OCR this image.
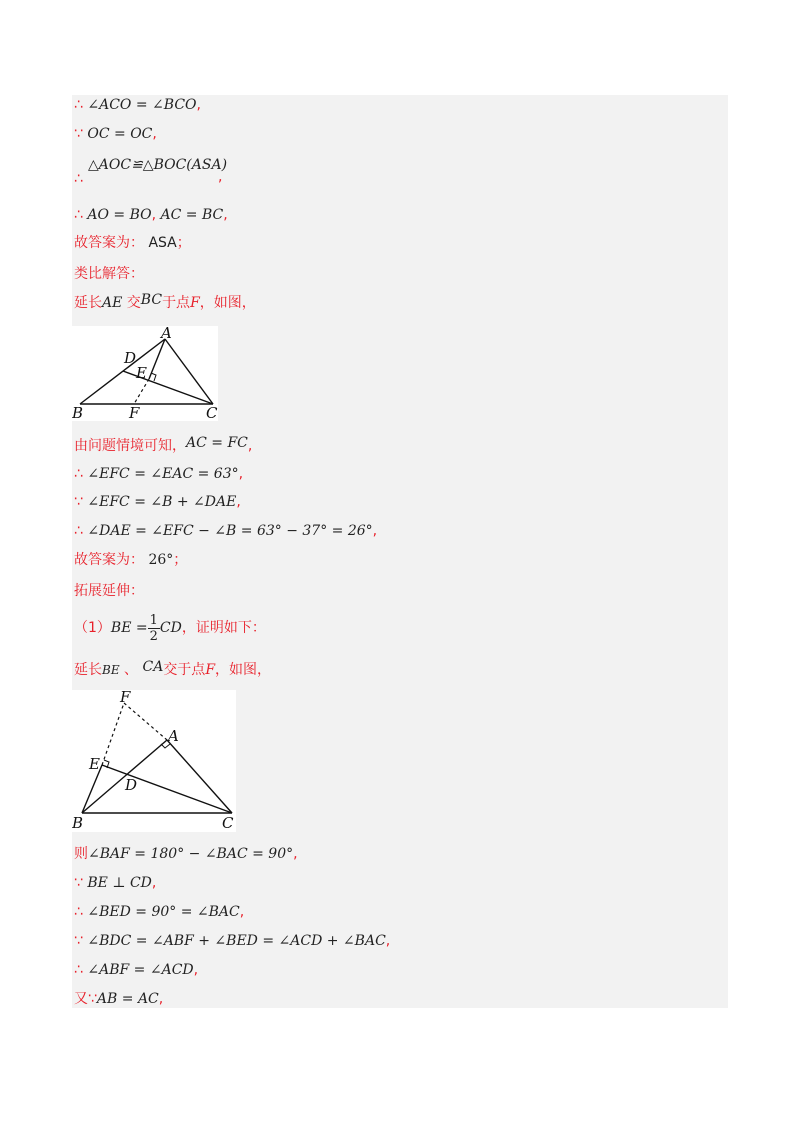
∴ ∠ACO = ∠BCO,
∵ OC = OC,
∴
△AOC≌△BOC(ASA)
,
∴ AO = BO, AC = BC,
故答案为： ASA；
类比解答：
延长AE 交BC于点F，如图，
A
D
E
B	F	C
由问题情境可知，AC = FC,
∴ ∠EFC = ∠EAC = 63°,
∵ ∠EFC = ∠B + ∠DAE,
∴ ∠DAE = ∠EFC − ∠B = 63° − 37° = 26°,
故答案为： 26°；
拓展延伸：
$(1)BE = \frac{1}{2}$ CD，证明如下：
延长BE 、 CA交于点F，如图，
F
A
E
D
B	C
则∠BAF = 180° − ∠BAC = 90°,
∵ BE ⊥ CD,
∴ ∠BED = 90° = ∠BAC,
∵ ∠BDC = ∠ABF + ∠BED = ∠ACD + ∠BAC,
∴ ∠ABF = ∠ACD,
又∵AB = AC,
